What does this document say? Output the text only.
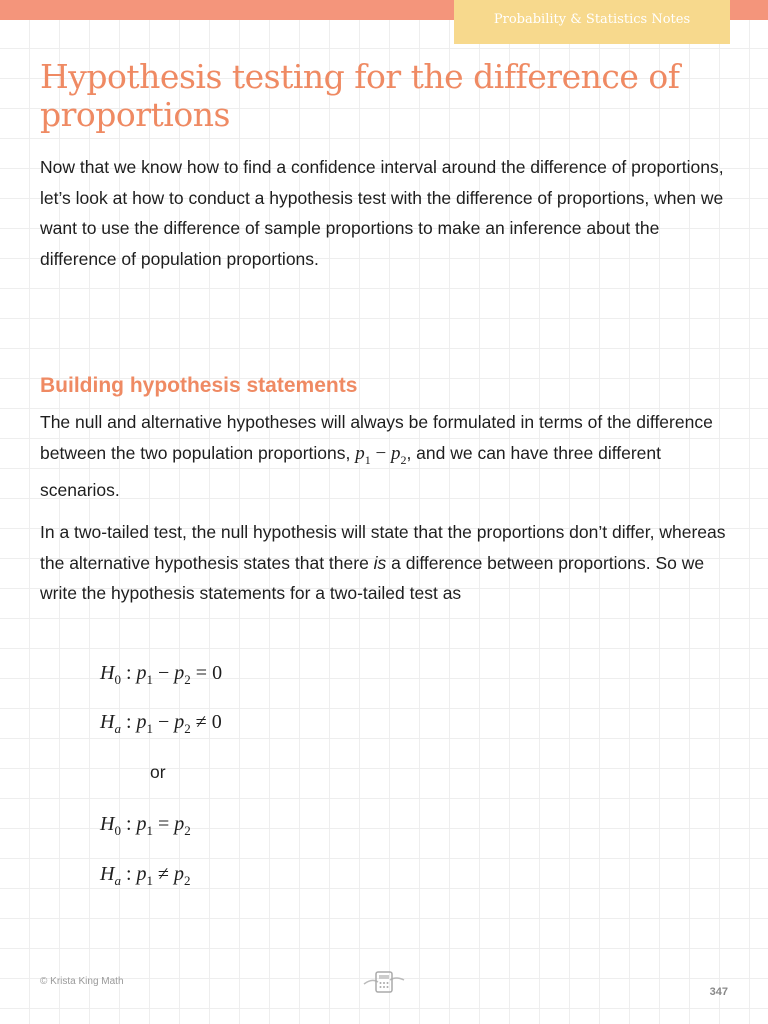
Probability & Statistics Notes
Hypothesis testing for the difference of proportions

Now that we know how to find a confidence interval around the difference of proportions, let’s look at how to conduct a hypothesis test with the difference of proportions, when we want to use the difference of sample proportions to make an inference about the difference of population proportions.

Building hypothesis statements

The null and alternative hypotheses will always be formulated in terms of the difference between the two population proportions, $p_1 - p_2$, and we can have three different scenarios.

In a two-tailed test, the null hypothesis will state that the proportions don’t differ, whereas the alternative hypothesis states that there is a difference between proportions. So we write the hypothesis statements for a two-tailed test as

$H_0$ : $p_1 - p_2 = 0$
$H_a$ : $p_1 - p_2 \ne 0$
or
$H_0$ : $p_1 = p_2$
$H_a$ : $p_1 \ne p_2$
© Krista King Math
347
